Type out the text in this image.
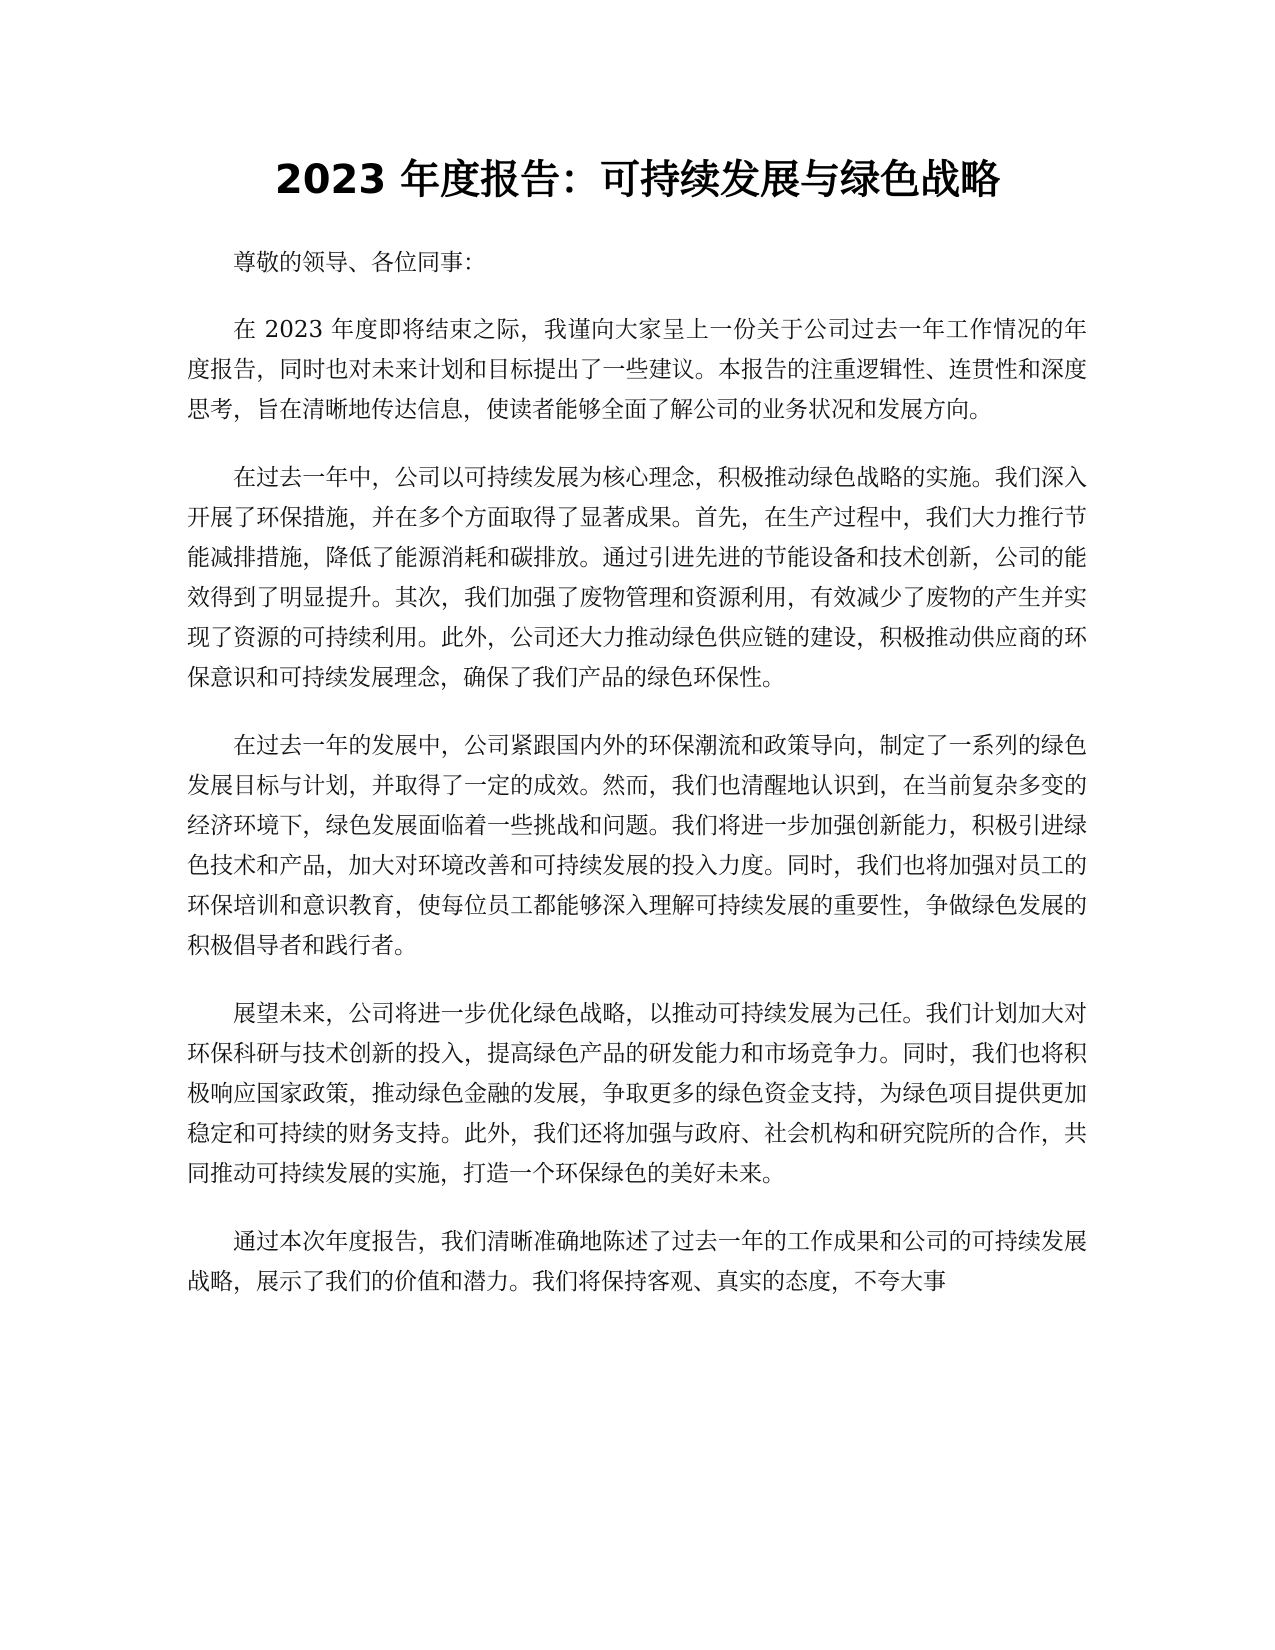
2023 年度报告：可持续发展与绿色战略

尊敬的领导、各位同事：

在 2023 年度即将结束之际，我谨向大家呈上一份关于公司过去一年工作情况的年度报告，同时也对未来计划和目标提出了一些建议。本报告的注重逻辑性、连贯性和深度思考，旨在清晰地传达信息，使读者能够全面了解公司的业务状况和发展方向。

在过去一年中，公司以可持续发展为核心理念，积极推动绿色战略的实施。我们深入开展了环保措施，并在多个方面取得了显著成果。首先，在生产过程中，我们大力推行节能减排措施，降低了能源消耗和碳排放。通过引进先进的节能设备和技术创新，公司的能效得到了明显提升。其次，我们加强了废物管理和资源利用，有效减少了废物的产生并实现了资源的可持续利用。此外，公司还大力推动绿色供应链的建设，积极推动供应商的环保意识和可持续发展理念，确保了我们产品的绿色环保性。

在过去一年的发展中，公司紧跟国内外的环保潮流和政策导向，制定了一系列的绿色发展目标与计划，并取得了一定的成效。然而，我们也清醒地认识到，在当前复杂多变的经济环境下，绿色发展面临着一些挑战和问题。我们将进一步加强创新能力，积极引进绿色技术和产品，加大对环境改善和可持续发展的投入力度。同时，我们也将加强对员工的环保培训和意识教育，使每位员工都能够深入理解可持续发展的重要性，争做绿色发展的积极倡导者和践行者。

展望未来，公司将进一步优化绿色战略，以推动可持续发展为己任。我们计划加大对环保科研与技术创新的投入，提高绿色产品的研发能力和市场竞争力。同时，我们也将积极响应国家政策，推动绿色金融的发展，争取更多的绿色资金支持，为绿色项目提供更加稳定和可持续的财务支持。此外，我们还将加强与政府、社会机构和研究院所的合作，共同推动可持续发展的实施，打造一个环保绿色的美好未来。

通过本次年度报告，我们清晰准确地陈述了过去一年的工作成果和公司的可持续发展战略，展示了我们的价值和潜力。我们将保持客观、真实的态度，不夸大事
